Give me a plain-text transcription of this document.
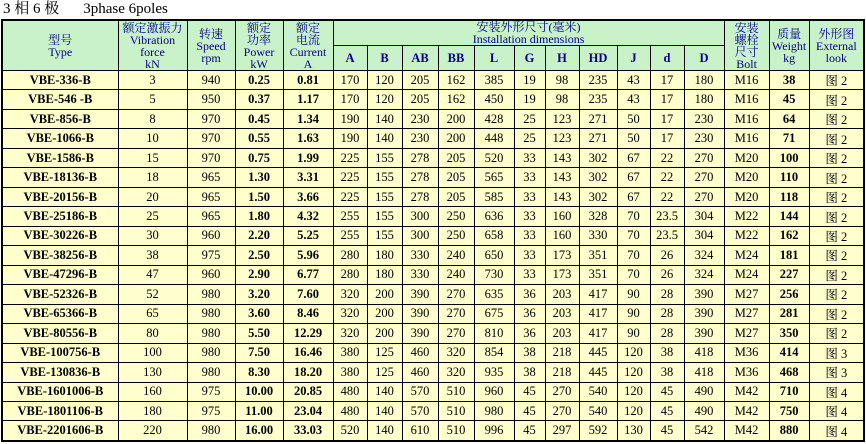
3 相 6 极 3phase 6poles
型号
Type	额定激振力
Vibration
force
kN	转速
Speed
rpm	额定
功率
Power
kW	额定
电流
Current
A	安装外形尺寸(毫米)
Installation dimensions											安装
螺栓
尺寸
Bolt	质量
Weight
kg	外形图
External
look

					A	B	AB	BB	L	G	H	HD	J	d	D			
VBE-336-B	3	940	0.25	0.81	170	120	205	162	385	19	98	235	43	17	180	M16	38	图 2
VBE-546 -B	5	950	0.37	1.17	170	120	205	162	450	19	98	235	43	17	180	M16	45	图 2
VBE-856-B	8	970	0.45	1.34	190	140	230	200	428	25	123	271	50	17	230	M16	64	图 2
VBE-1066-B	10	970	0.55	1.63	190	140	230	200	448	25	123	271	50	17	230	M16	71	图 2
VBE-1586-B	15	970	0.75	1.99	225	155	278	205	520	33	143	302	67	22	270	M20	100	图 2
VBE-18136-B	18	965	1.30	3.31	225	155	278	205	565	33	143	302	67	22	270	M20	110	图 2
VBE-20156-B	20	965	1.50	3.66	225	155	278	205	585	33	143	302	67	22	270	M20	118	图 2
VBE-25186-B	25	965	1.80	4.32	255	155	300	250	636	33	160	328	70	23.5	304	M22	144	图 2
VBE-30226-B	30	960	2.20	5.25	255	155	300	250	658	33	160	330	70	23.5	304	M22	162	图 2
VBE-38256-B	38	975	2.50	5.96	280	180	330	240	650	33	173	351	70	26	324	M24	181	图 2
VBE-47296-B	47	960	2.90	6.77	280	180	330	240	730	33	173	351	70	26	324	M24	227	图 2
VBE-52326-B	52	980	3.20	7.60	320	200	390	270	635	36	203	417	90	28	390	M27	256	图 2
VBE-65366-B	65	980	3.60	8.46	320	200	390	270	675	36	203	417	90	28	390	M27	281	图 2
VBE-80556-B	80	980	5.50	12.29	320	200	390	270	810	36	203	417	90	28	390	M27	350	图 2
VBE-100756-B	100	980	7.50	16.46	380	125	460	320	854	38	218	445	120	38	418	M36	414	图 3
VBE-130836-B	130	980	8.30	18.20	380	125	460	320	935	38	218	445	120	38	418	M36	468	图 3
VBE-1601006-B	160	975	10.00	20.85	480	140	570	510	960	45	270	540	120	45	490	M42	710	图 4
VBE-1801106-B	180	975	11.00	23.04	480	140	570	510	980	45	270	540	120	45	490	M42	750	图 4
VBE-2201606-B	220	980	16.00	33.03	520	140	610	510	996	45	297	592	130	45	542	M42	880	图 4
